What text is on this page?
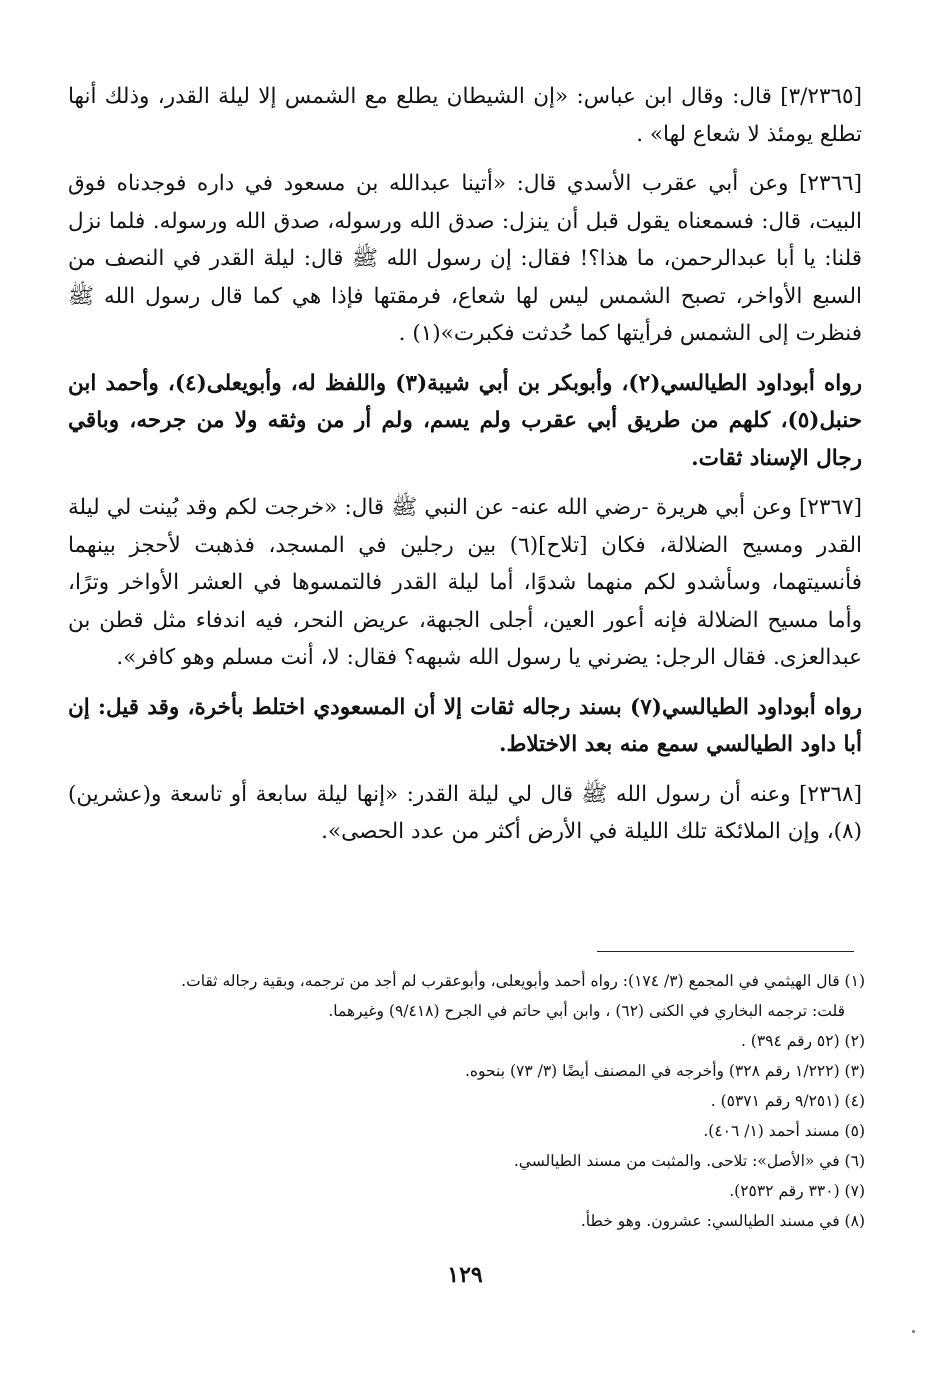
[٣/٢٣٦٥] قال: وقال ابن عباس: «إن الشيطان يطلع مع الشمس إلا ليلة القدر، وذلك أنها تطلع يومئذ لا شعاع لها» .

[٢٣٦٦] وعن أبي عقرب الأسدي قال: «أتينا عبدالله بن مسعود في داره فوجدناه فوق البيت، قال: فسمعناه يقول قبل أن ينزل: صدق الله ورسوله، صدق الله ورسوله. فلما نزل قلنا: يا أبا عبدالرحمن، ما هذا؟! فقال: إن رسول الله ﷺ قال: ليلة القدر في النصف من السبع الأواخر، تصبح الشمس ليس لها شعاع، فرمقتها فإذا هي كما قال رسول الله ﷺ فنظرت إلى الشمس فرأيتها كما حُدثت فكبرت»(١) .

رواه أبوداود الطيالسي(٢)، وأبوبكر بن أبي شيبة(٣) واللفظ له، وأبويعلى(٤)، وأحمد ابن حنبل(٥)، كلهم من طريق أبي عقرب ولم يسم، ولم أر من وثقه ولا من جرحه، وباقي رجال الإسناد ثقات.

[٢٣٦٧] وعن أبي هريرة -رضي الله عنه- عن النبي ﷺ قال: «خرجت لكم وقد بُينت لي ليلة القدر ومسيح الضلالة، فكان [تلاح](٦) بين رجلين في المسجد، فذهبت لأحجز بينهما فأنسيتهما، وسأشدو لكم منهما شدوًا، أما ليلة القدر فالتمسوها في العشر الأواخر وترًا، وأما مسيح الضلالة فإنه أعور العين، أجلى الجبهة، عريض النحر، فيه اندفاء مثل قطن بن عبدالعزى. فقال الرجل: يضرني يا رسول الله شبهه؟ فقال: لا، أنت مسلم وهو كافر».

رواه أبوداود الطيالسي(٧) بسند رجاله ثقات إلا أن المسعودي اختلط بأخرة، وقد قيل: إن أبا داود الطيالسي سمع منه بعد الاختلاط.

[٢٣٦٨] وعنه أن رسول الله ﷺ قال لي ليلة القدر: «إنها ليلة سابعة أو تاسعة و(عشرين)(٨)، وإن الملائكة تلك الليلة في الأرض أكثر من عدد الحصى».

(١) قال الهيثمي في المجمع (٣/ ١٧٤): رواه أحمد وأبويعلى، وأبوعقرب لم أجد من ترجمه، وبقية رجاله ثقات.

قلت: ترجمه البخاري في الكنى (٦٢) ، وابن أبي حاتم في الجرح (٩/٤١٨) وغيرهما.

(٢) (٥٢ رقم ٣٩٤) .

(٣) (١/٢٢٢ رقم ٣٢٨) وأخرجه في المصنف أيضًا (٣/ ٧٣) بنحوه.

(٤) (٩/٢٥١ رقم ٥٣٧١) .

(٥) مسند أحمد (١/ ٤٠٦).

(٦) في «الأصل»: تلاحى. والمثبت من مسند الطيالسي.

(٧) (٣٣٠ رقم ٢٥٣٢).

(٨) في مسند الطيالسي: عشرون. وهو خطأ.

١٢٩
